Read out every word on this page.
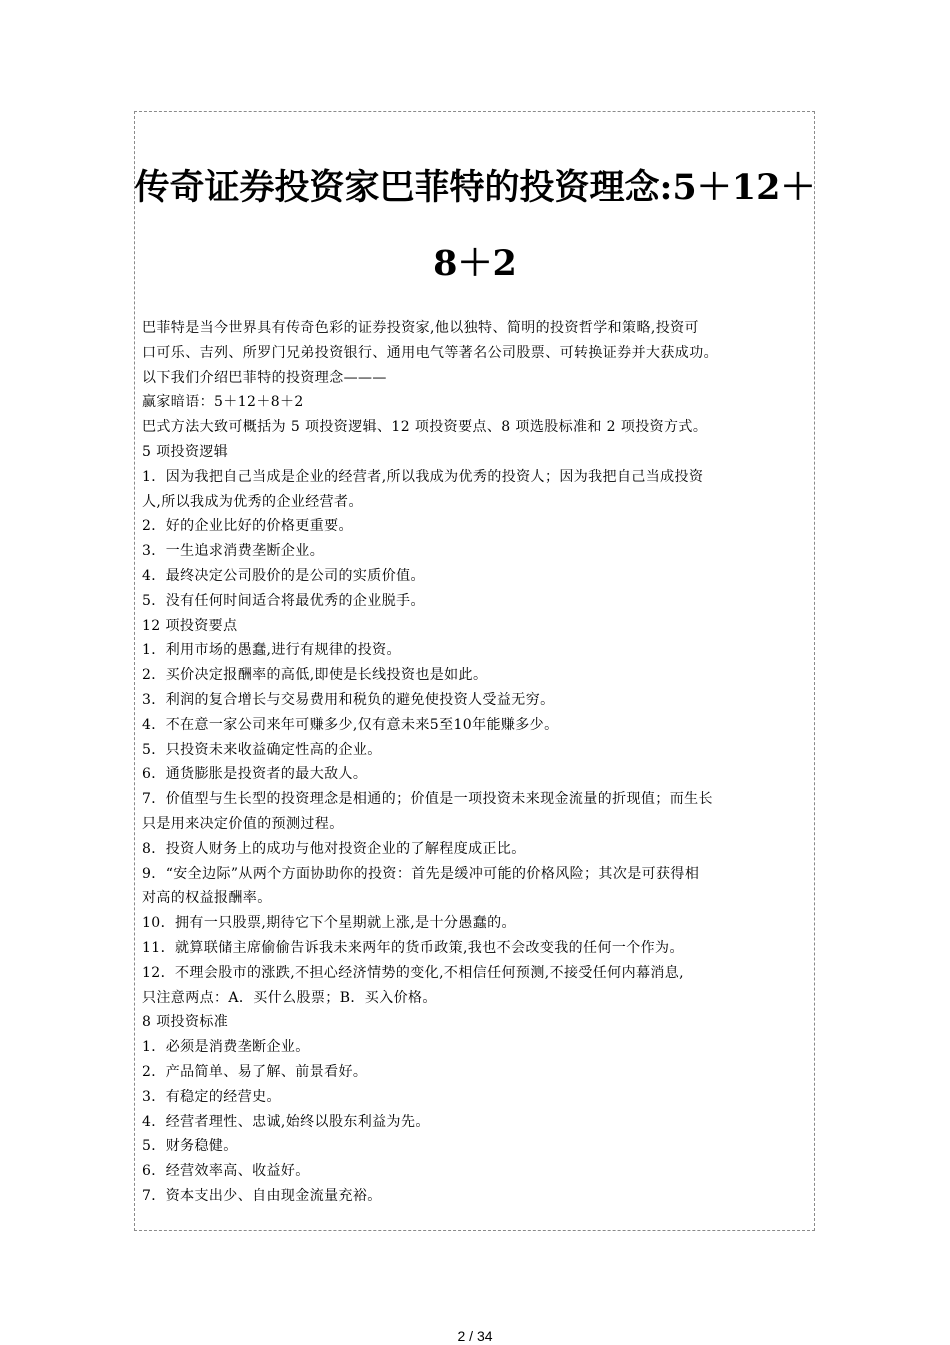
传奇证券投资家巴菲特的投资理念:5＋12＋
8＋2
巴菲特是当今世界具有传奇色彩的证券投资家,他以独特、简明的投资哲学和策略,投资可
口可乐、吉列、所罗门兄弟投资银行、通用电气等著名公司股票、可转换证券并大获成功。
以下我们介绍巴菲特的投资理念———
赢家暗语：5＋12＋8＋2
巴式方法大致可概括为 5 项投资逻辑、12 项投资要点、8 项选股标准和 2 项投资方式。
5 项投资逻辑
1．因为我把自己当成是企业的经营者,所以我成为优秀的投资人；因为我把自己当成投资
人,所以我成为优秀的企业经营者。
2．好的企业比好的价格更重要。
3．一生追求消费垄断企业。
4．最终决定公司股价的是公司的实质价值。
5．没有任何时间适合将最优秀的企业脱手。
12 项投资要点
1．利用市场的愚蠢,进行有规律的投资。
2．买价决定报酬率的高低,即使是长线投资也是如此。
3．利润的复合增长与交易费用和税负的避免使投资人受益无穷。
4．不在意一家公司来年可赚多少,仅有意未来5至10年能赚多少。
5．只投资未来收益确定性高的企业。
6．通货膨胀是投资者的最大敌人。
7．价值型与生长型的投资理念是相通的；价值是一项投资未来现金流量的折现值；而生长
只是用来决定价值的预测过程。
8．投资人财务上的成功与他对投资企业的了解程度成正比。
9．“安全边际”从两个方面协助你的投资：首先是缓冲可能的价格风险；其次是可获得相
对高的权益报酬率。
10．拥有一只股票,期待它下个星期就上涨,是十分愚蠢的。
11．就算联储主席偷偷告诉我未来两年的货币政策,我也不会改变我的任何一个作为。
12．不理会股市的涨跌,不担心经济情势的变化,不相信任何预测,不接受任何内幕消息,
只注意两点：A．买什么股票；B．买入价格。
8 项投资标准
1．必须是消费垄断企业。
2．产品简单、易了解、前景看好。
3．有稳定的经营史。
4．经营者理性、忠诚,始终以股东利益为先。
5．财务稳健。
6．经营效率高、收益好。
7．资本支出少、自由现金流量充裕。
2 / 34
